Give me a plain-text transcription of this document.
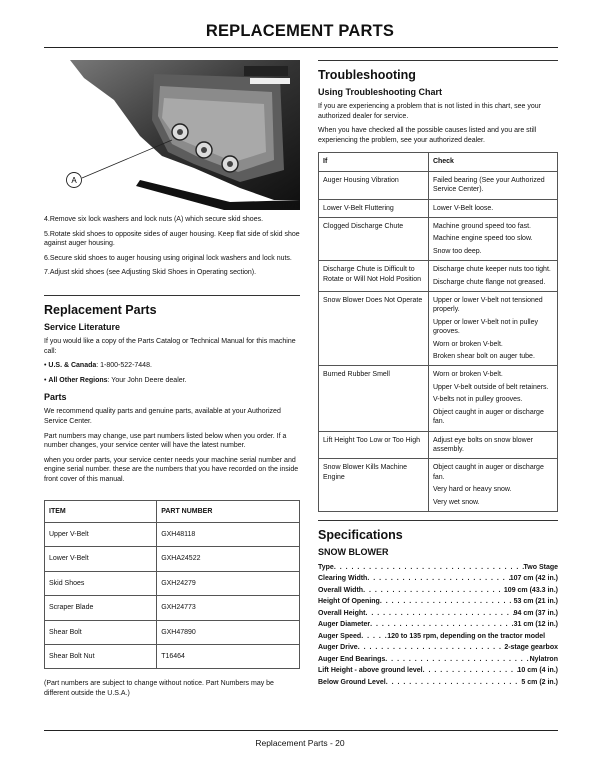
REPLACEMENT PARTS
A
MX10279

4.Remove six lock washers and lock nuts (A) which secure skid shoes.

5.Rotate skid shoes to opposite sides of auger housing. Keep flat side of skid shoe against auger housing.

6.Secure skid shoes to auger housing using original lock washers and lock nuts.

7.Adjust skid shoes (see Adjusting Skid Shoes in Operating section).

Replacement Parts
Service Literature

If you would like a copy of the Parts Catalog or Technical Manual for this machine call:

• U.S. & Canada: 1-800-522-7448.

• All Other Regions: Your John Deere dealer.

Parts

We recommend quality parts and genuine parts, available at your Authorized Service Center.

Part numbers may change, use part numbers listed below when you order. If a number changes, your service center will have the latest number.

when you order parts, your service center needs your machine serial number and engine serial number. these are the numbers that you have recorded on the inside front cover of this manual.

ITEM	PART NUMBER
Upper V-Belt	GXH48118
Lower V-Belt	GXHA24522
Skid Shoes	GXH24279
Scraper Blade	GXH24773
Shear Bolt	GXH47890
Shear Bolt Nut	T16464

(Part numbers are subject to change without notice. Part Numbers may be different outside the U.S.A.)

Troubleshooting
Using Troubleshooting Chart

If you are experiencing a problem that is not listed in this chart, see your authorized dealer for service.

When you have checked all the possible causes listed and you are still experiencing the problem, see your authorized dealer.

If	Check
Auger Housing Vibration	Failed bearing (See your Authorized Service Center).

Lower V-Belt Fluttering	Lower V-Belt loose.

Clogged Discharge Chute	Machine ground speed too fast.
Machine engine speed too slow.
Snow too deep.

Discharge Chute is Difficult to Rotate or Will Not Hold Position	Discharge chute keeper nuts too tight.
Discharge chute flange not greased.

Snow Blower Does Not Operate	Upper or lower V-belt not tensioned properly.
Upper or lower V-belt not in pulley grooves.
Worn or broken V-belt.
Broken shear bolt on auger tube.

Burned Rubber Smell	Worn or broken V-belt.
Upper V-belt outside of belt retainers.
V-belts not in pulley grooves.
Object caught in auger or discharge fan.

Lift Height Too Low or Too High	Adjust eye bolts on snow blower assembly.

Snow Blower Kills Machine Engine	Object caught in auger or discharge fan.
Very hard or heavy snow.
Very wet snow.
Specifications
SNOW BLOWER
Type . . .	Two Stage
Clearing Width . . .	107 cm (42 in.)
Overall Width . . .	109 cm (43.3 in.)
Height Of Opening . . .	53 cm (21 in.)
Overall Height . . .	94 cm (37 in.)
Auger Diameter . . .	31 cm (12 in.)
Auger Speed . . .	120 to 135 rpm, depending on the tractor model
Auger Drive . . .	2-stage gearbox
Auger End Bearings . . .	Nylatron
Lift Height - above ground level . . .	10 cm (4 in.)
Below Ground Level . . .	5 cm (2 in.)
Replacement Parts - 20
